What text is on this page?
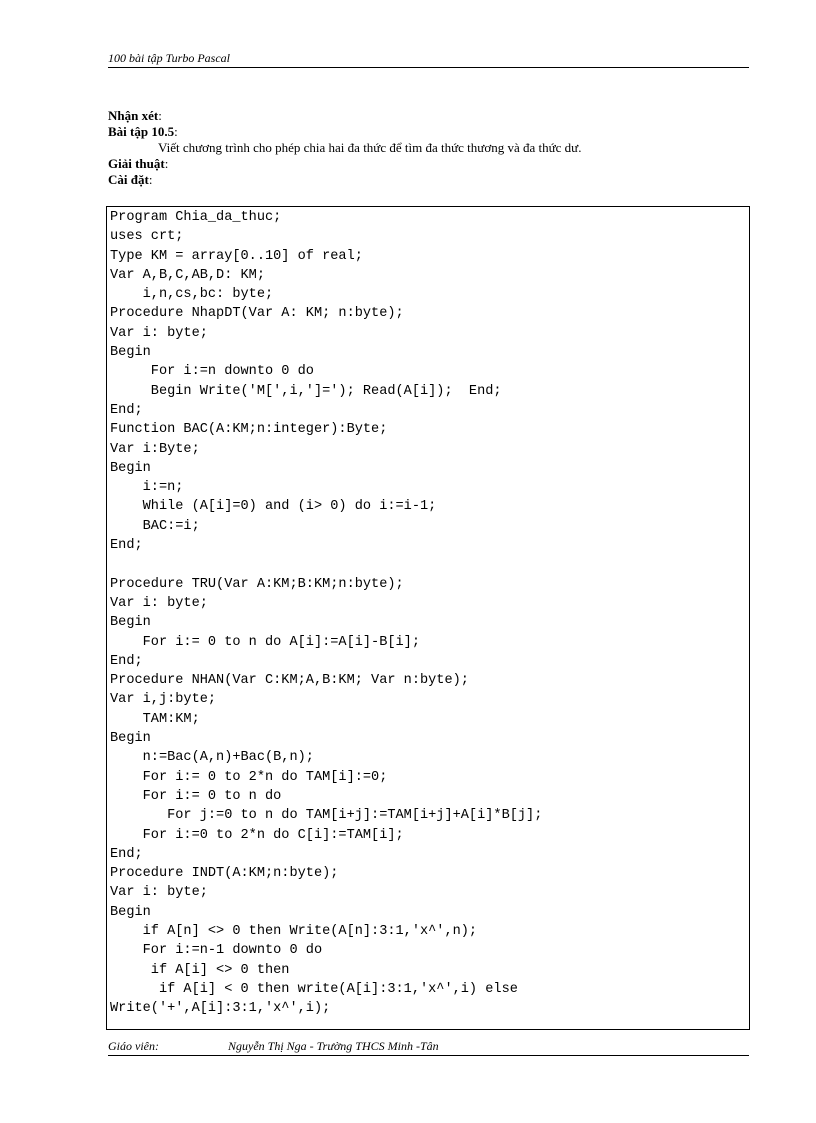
100 bài tập Turbo Pascal
Nhận xét:
Bài tập 10.5:
Viết chương trình cho phép chia hai đa thức để tìm đa thức thương và đa thức dư.
Giải thuật:
Cài đặt:
Program Chia_da_thuc;
uses crt;
Type KM = array[0..10] of real;
Var A,B,C,AB,D: KM;
i,n,cs,bc: byte;
Procedure NhapDT(Var A: KM; n:byte);
Var i: byte;
Begin
For i:=n downto 0 do
Begin Write('M[',i,']='); Read(A[i]);  End;
End;
Function BAC(A:KM;n:integer):Byte;
Var i:Byte;
Begin
i:=n;
While (A[i]=0) and (i> 0) do i:=i-1;
BAC:=i;
End;
Procedure TRU(Var A:KM;B:KM;n:byte);
Var i: byte;
Begin
For i:= 0 to n do A[i]:=A[i]-B[i];
End;
Procedure NHAN(Var C:KM;A,B:KM; Var n:byte);
Var i,j:byte;
TAM:KM;
Begin
n:=Bac(A,n)+Bac(B,n);
For i:= 0 to 2*n do TAM[i]:=0;
For i:= 0 to n do
For j:=0 to n do TAM[i+j]:=TAM[i+j]+A[i]*B[j];
For i:=0 to 2*n do C[i]:=TAM[i];
End;
Procedure INDT(A:KM;n:byte);
Var i: byte;
Begin
if A[n] <> 0 then Write(A[n]:3:1,'x^',n);
For i:=n-1 downto 0 do
if A[i] <> 0 then
if A[i] < 0 then write(A[i]:3:1,'x^',i) else
Write('+',A[i]:3:1,'x^',i);
Giáo viên:	Nguyễn Thị Nga - Trường THCS Minh -Tân
